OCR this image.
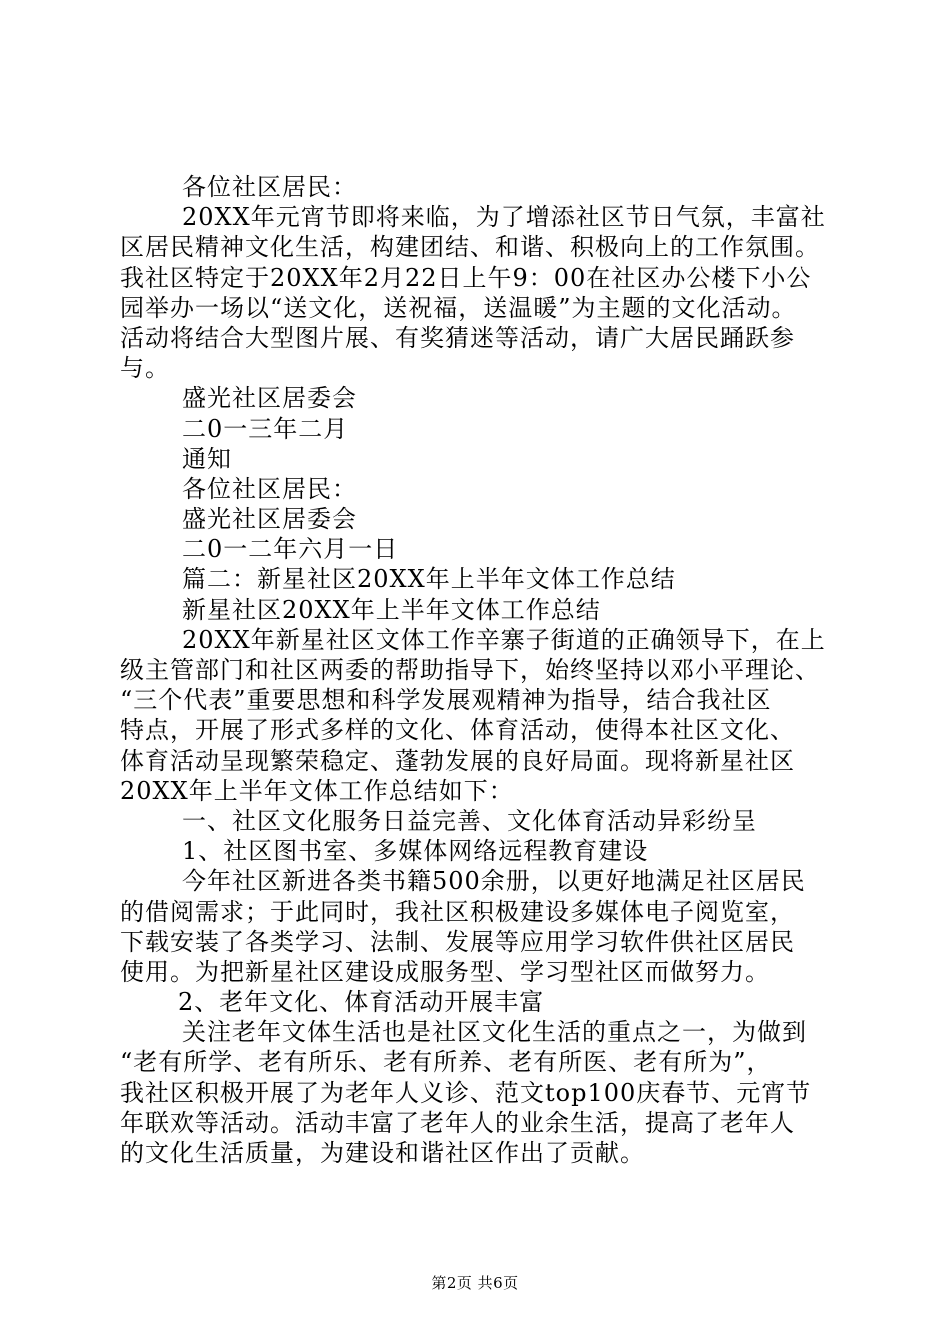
各位社区居民：
20XX年元宵节即将来临，为了增添社区节日气氛，丰富社
区居民精神文化生活，构建团结、和谐、积极向上的工作氛围。
我社区特定于20XX年2月22日上午9：00在社区办公楼下小公
园举办一场以“送文化，送祝福，送温暖”为主题的文化活动。
活动将结合大型图片展、有奖猜迷等活动，请广大居民踊跃参
与。
盛光社区居委会
二0一三年二月
通知
各位社区居民：
盛光社区居委会
二0一二年六月一日
篇二：新星社区20XX年上半年文体工作总结
新星社区20XX年上半年文体工作总结
20XX年新星社区文体工作辛寨子街道的正确领导下，在上
级主管部门和社区两委的帮助指导下，始终坚持以邓小平理论、
“三个代表”重要思想和科学发展观精神为指导，结合我社区
特点，开展了形式多样的文化、体育活动，使得本社区文化、
体育活动呈现繁荣稳定、蓬勃发展的良好局面。现将新星社区
20XX年上半年文体工作总结如下：
一、社区文化服务日益完善、文化体育活动异彩纷呈
1、社区图书室、多媒体网络远程教育建设
今年社区新进各类书籍500余册，以更好地满足社区居民
的借阅需求；于此同时，我社区积极建设多媒体电子阅览室，
下载安装了各类学习、法制、发展等应用学习软件供社区居民
使用。为把新星社区建设成服务型、学习型社区而做努力。
2、老年文化、体育活动开展丰富
关注老年文体生活也是社区文化生活的重点之一，为做到
“老有所学、老有所乐、老有所养、老有所医、老有所为”，
我社区积极开展了为老年人义诊、范文top100庆春节、元宵节
年联欢等活动。活动丰富了老年人的业余生活，提高了老年人
的文化生活质量，为建设和谐社区作出了贡献。
第2页 共6页
